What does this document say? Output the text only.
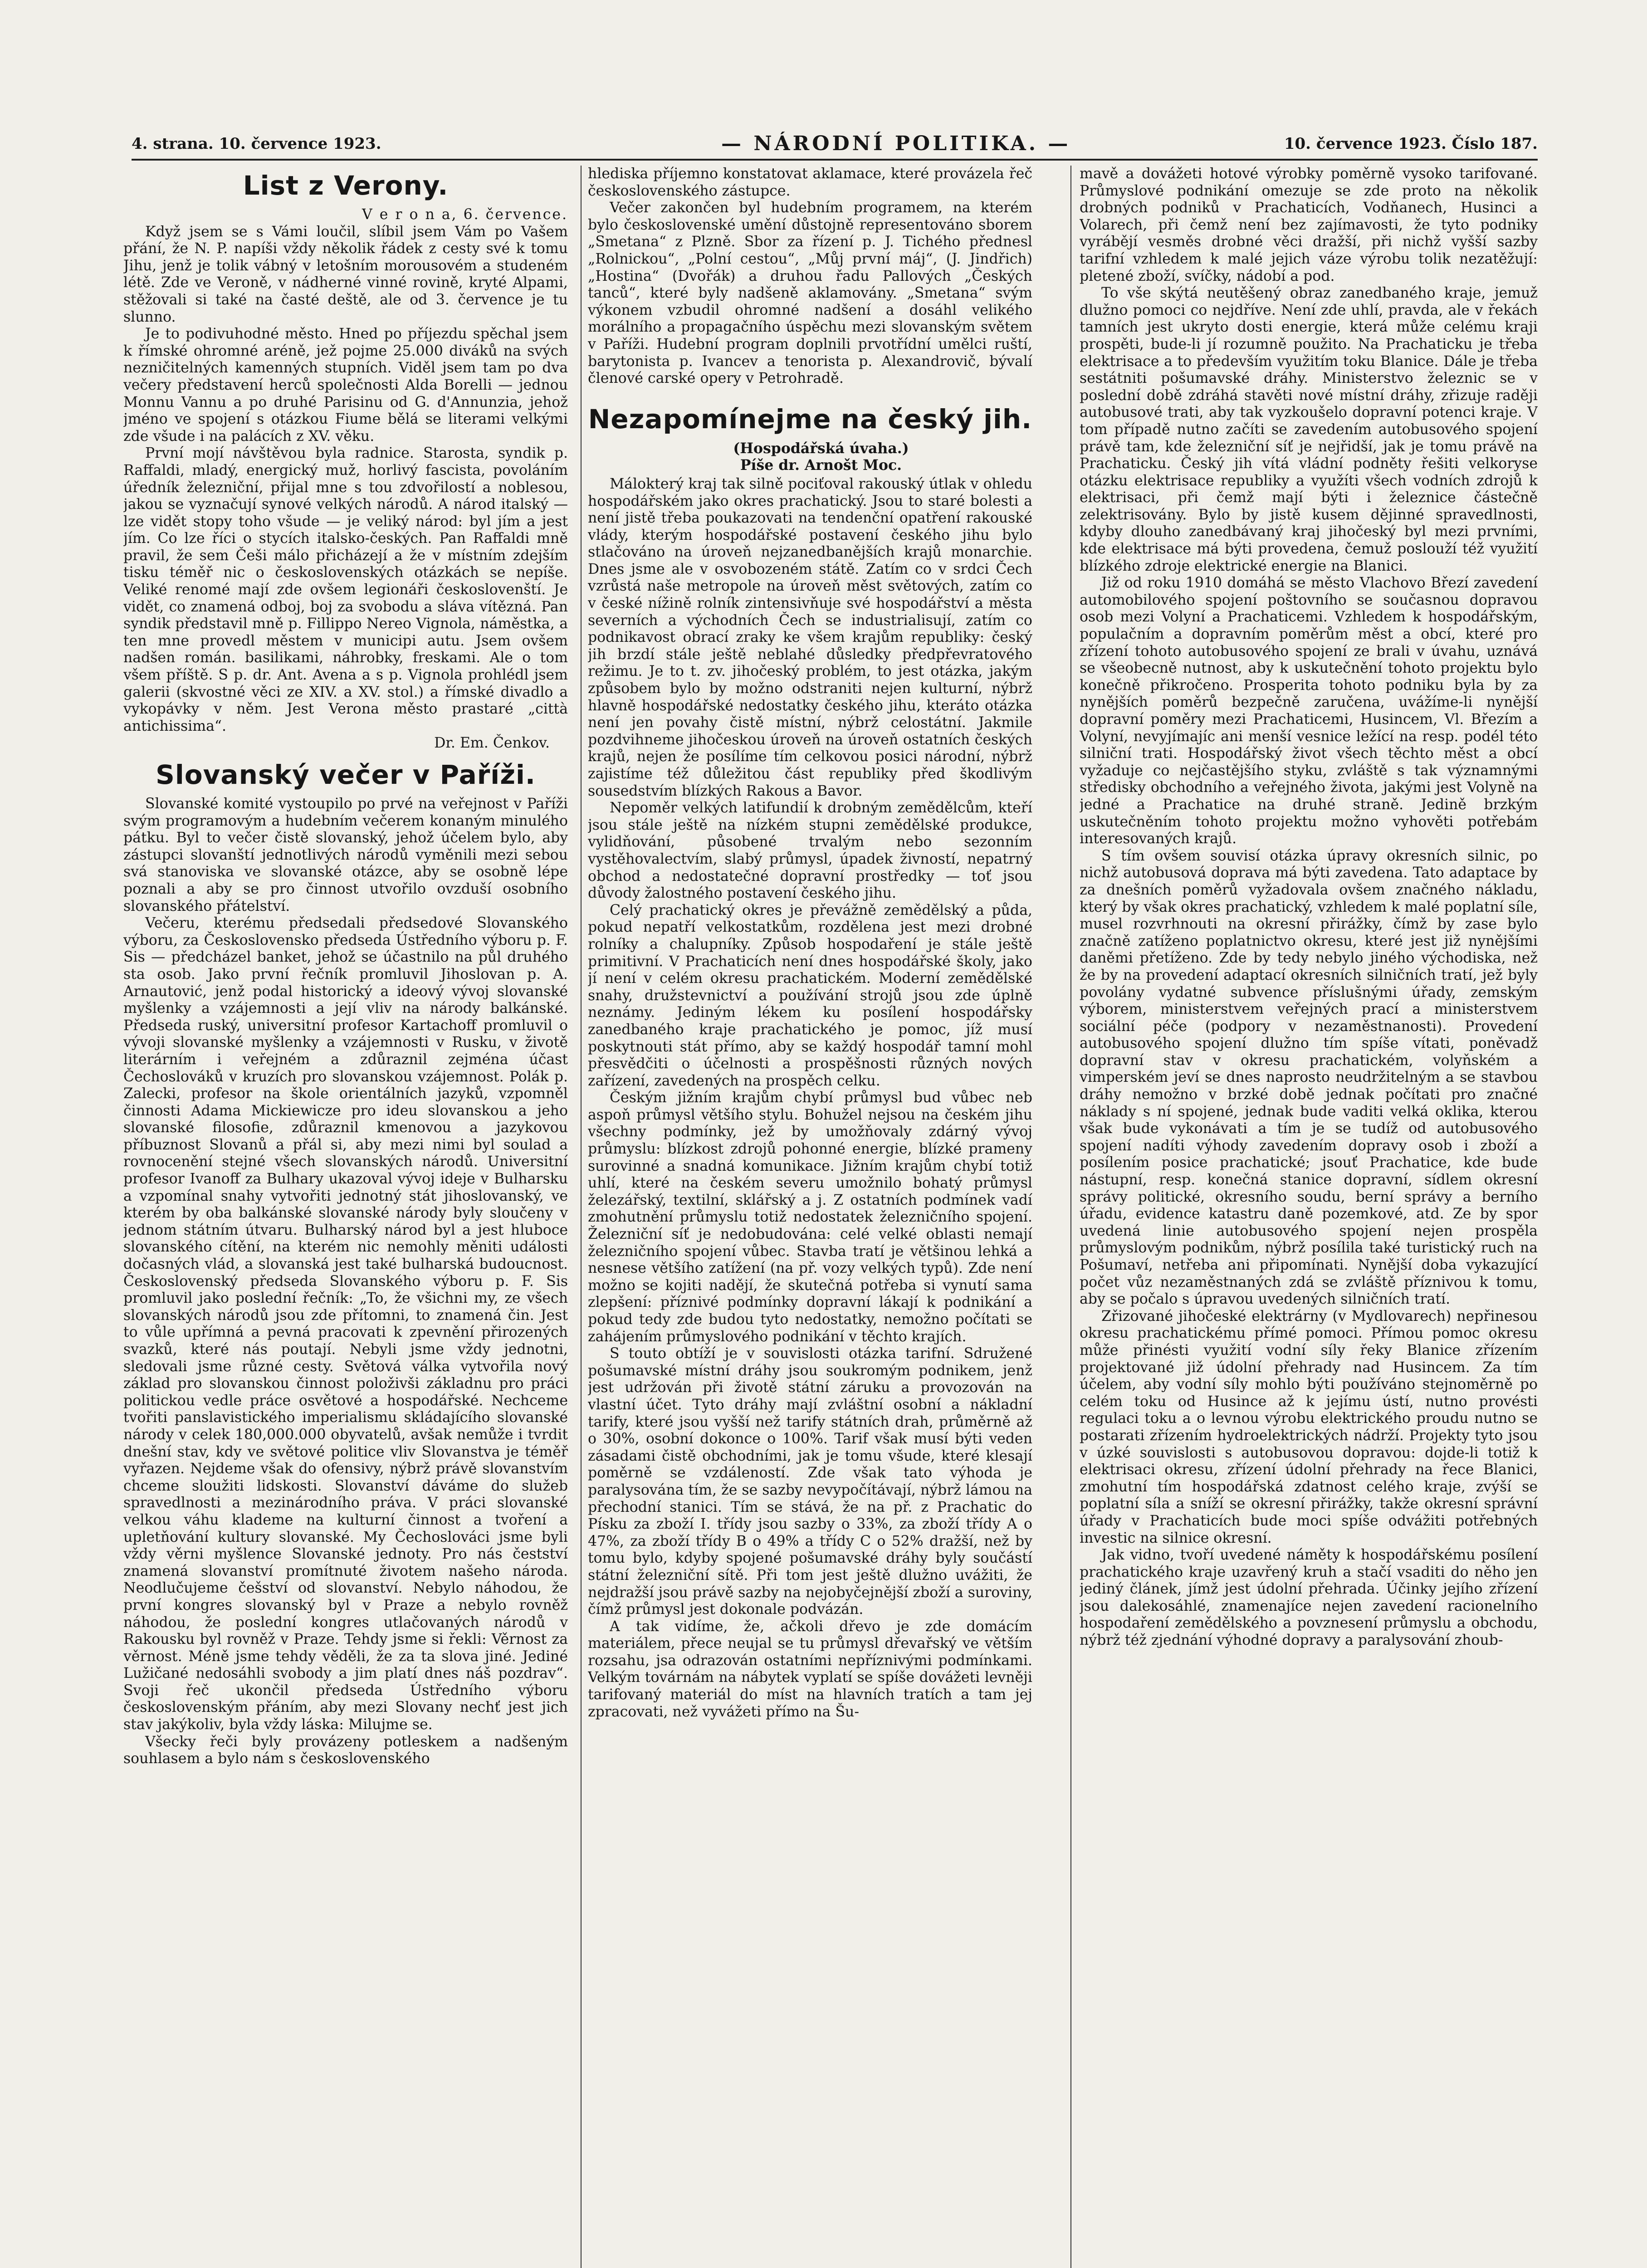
4. strana. 10. července 1923.	— NÁRODNÍ POLITIKA. —	10. července 1923. Číslo 187.
List z Verony.

V e r o n a, 6. července.

Když jsem se s Vámi loučil, slíbil jsem Vám po Vašem přání, že N. P. napíši vždy několik řádek z cesty své k tomu Jihu, jenž je tolik vábný v letošním morousovém a studeném létě. Zde ve Veroně, v nádherné vinné rovině, kryté Alpami, stěžovali si také na časté deště, ale od 3. července je tu slunno.

Je to podivuhodné město. Hned po příjezdu spěchal jsem k římské ohromné aréně, jež pojme 25.000 diváků na svých nezničitelných kamenných stupních. Viděl jsem tam po dva večery představení herců společnosti Alda Borelli — jednou Monnu Vannu a po druhé Parisinu od G. d'Annunzia, jehož jméno ve spojení s otázkou Fiume bělá se literami velkými zde všude i na palácích z XV. věku.

První mojí návštěvou byla radnice. Starosta, syndik p. Raffaldi, mladý, energický muž, horlivý fascista, povoláním úředník železniční, přijal mne s tou zdvořilostí a noblesou, jakou se vyznačují synové velkých národů. A národ italský — lze vidět stopy toho všude — je veliký národ: byl jím a jest jím. Co lze říci o stycích italsko-českých. Pan Raffaldi mně pravil, že sem Češi málo přicházejí a že v místním zdejším tisku téměř nic o československých otázkách se nepíše. Veliké renomé mají zde ovšem legionáři českoslovenští. Je vidět, co znamená odboj, boj za svobodu a sláva vítězná. Pan syndik představil mně p. Fillippo Nereo Vignola, náměstka, a ten mne provedl městem v municipi autu. Jsem ovšem nadšen román. basilikami, náhrobky, freskami. Ale o tom všem příště. S p. dr. Ant. Avena a s p. Vignola prohlédl jsem galerii (skvostné věci ze XIV. a XV. stol.) a římské divadlo a vykopávky v něm. Jest Verona město prastaré „città antichissima“.

Dr. Em. Čenkov.

Slovanský večer v Paříži.

Slovanské komité vystoupilo po prvé na veřejnost v Paříži svým programovým a hudebním večerem konaným minulého pátku. Byl to večer čistě slovanský, jehož účelem bylo, aby zástupci slovanští jednotlivých národů vyměnili mezi sebou svá stanoviska ve slovanské otázce, aby se osobně lépe poznali a aby se pro činnost utvořilo ovzduší osobního slovanského přátelství.

Večeru, kterému předsedali předsedové Slovanského výboru, za Československo předseda Ústředního výboru p. F. Sis — předcházel banket, jehož se účastnilo na půl druhého sta osob. Jako první řečník promluvil Jihoslovan p. A. Arnautović, jenž podal historický a ideový vývoj slovanské myšlenky a vzájemnosti a její vliv na národy balkánské. Předseda ruský, universitní profesor Kartachoff promluvil o vývoji slovanské myšlenky a vzájemnosti v Rusku, v životě literárním i veřejném a zdůraznil zejména účast Čechoslováků v kruzích pro slovanskou vzájemnost. Polák p. Zalecki, profesor na škole orientálních jazyků, vzpomněl činnosti Adama Mickiewicze pro ideu slovanskou a jeho slovanské filosofie, zdůraznil kmenovou a jazykovou příbuznost Slovanů a přál si, aby mezi nimi byl soulad a rovnocenění stejné všech slovanských národů. Universitní profesor Ivanoff za Bulhary ukazoval vývoj ideje v Bulharsku a vzpomínal snahy vytvořiti jednotný stát jihoslovanský, ve kterém by oba balkánské slovanské národy byly sloučeny v jednom státním útvaru. Bulharský národ byl a jest hluboce slovanského cítění, na kterém nic nemohly měniti události dočasných vlád, a slovanská jest také bulharská budoucnost. Československý předseda Slovanského výboru p. F. Sis promluvil jako poslední řečník: „To, že všichni my, ze všech slovanských národů jsou zde přítomni, to znamená čin. Jest to vůle upřímná a pevná pracovati k zpevnění přirozených svazků, které nás poutají. Nebyli jsme vždy jednotni, sledovali jsme různé cesty. Světová válka vytvořila nový základ pro slovanskou činnost položivši základnu pro práci politickou vedle práce osvětové a hospodářské. Nechceme tvořiti panslavistického imperialismu skládajícího slovanské národy v celek 180,000.000 obyvatelů, avšak nemůže i tvrdit dnešní stav, kdy ve světové politice vliv Slovanstva je téměř vyřazen. Nejdeme však do ofensivy, nýbrž právě slovanstvím chceme sloužiti lidskosti. Slovanství dáváme do služeb spravedlnosti a mezinárodního práva. V práci slovanské velkou váhu klademe na kulturní činnost a tvoření a upletňování kultury slovanské. My Čechoslováci jsme byli vždy věrni myšlence Slovanské jednoty. Pro nás čestství znamená slovanství promítnuté životem našeho národa. Neodlučujeme češství od slovanství. Nebylo náhodou, že první kongres slovanský byl v Praze a nebylo rovněž náhodou, že poslední kongres utlačovaných národů v Rakousku byl rovněž v Praze. Tehdy jsme si řekli: Věrnost za věrnost. Méně jsme tehdy věděli, že za ta slova jiné. Jediné Lužičané nedosáhli svobody a jim platí dnes náš pozdrav“. Svoji řeč ukončil předseda Ústředního výboru československým přáním, aby mezi Slovany nechť jest jich stav jakýkoliv, byla vždy láska: Milujme se.

Všecky řeči byly provázeny potleskem a nadšeným souhlasem a bylo nám s československého

hlediska příjemno konstatovat aklamace, které provázela řeč československého zástupce.

Večer zakončen byl hudebním programem, na kterém bylo československé umění důstojně representováno sborem „Smetana“ z Plzně. Sbor za řízení p. J. Tichého přednesl „Rolnickou“, „Polní cestou“, „Můj první máj“, (J. Jindřich) „Hostina“ (Dvořák) a druhou řadu Pallových „Českých tanců“, které byly nadšeně aklamovány. „Smetana“ svým výkonem vzbudil ohromné nadšení a dosáhl velikého morálního a propagačního úspěchu mezi slovanským světem v Paříži. Hudební program doplnili prvotřídní umělci ruští, barytonista p. Ivancev a tenorista p. Alexandrovič, bývalí členové carské opery v Petrohradě.

Nezapomínejme na český jih.

(Hospodářská úvaha.)

Píše dr. Arnošt Moc.

Málokterý kraj tak silně pociťoval rakouský útlak v ohledu hospodářském jako okres prachatický. Jsou to staré bolesti a není jistě třeba poukazovati na tendenční opatření rakouské vlády, kterým hospodářské postavení českého jihu bylo stlačováno na úroveň nejzanedbanějších krajů monarchie. Dnes jsme ale v osvobozeném státě. Zatím co v srdci Čech vzrůstá naše metropole na úroveň měst světových, zatím co v české nížině rolník zintensivňuje své hospodářství a města severních a východních Čech se industrialisují, zatím co podnikavost obrací zraky ke všem krajům republiky: český jih brzdí stále ještě neblahé důsledky předpřevratového režimu. Je to t. zv. jihočeský problém, to jest otázka, jakým způsobem bylo by možno odstraniti nejen kulturní, nýbrž hlavně hospodářské nedostatky českého jihu, kteráto otázka není jen povahy čistě místní, nýbrž celostátní. Jakmile pozdvihneme jihočeskou úroveň na úroveň ostatních českých krajů, nejen že posílíme tím celkovou posici národní, nýbrž zajistíme též důležitou část republiky před škodlivým sousedstvím blízkých Rakous a Bavor.

Nepoměr velkých latifundií k drobným zemědělcům, kteří jsou stále ještě na nízkém stupni zemědělské produkce, vylidňování, působené trvalým nebo sezonním vystěhovalectvím, slabý průmysl, úpadek živností, nepatrný obchod a nedostatečné dopravní prostředky — toť jsou důvody žalostného postavení českého jihu.

Celý prachatický okres je převážně zemědělský a půda, pokud nepatří velkostatkům, rozdělena jest mezi drobné rolníky a chalupníky. Způsob hospodaření je stále ještě primitivní. V Prachaticích není dnes hospodářské školy, jako jí není v celém okresu prachatickém. Moderní zemědělské snahy, družstevnictví a používání strojů jsou zde úplně neznámy. Jediným lékem ku posílení hospodářsky zanedbaného kraje prachatického je pomoc, jíž musí poskytnouti stát přímo, aby se každý hospodář tamní mohl přesvědčiti o účelnosti a prospěšnosti různých nových zařízení, zavedených na prospěch celku.

Českým jižním krajům chybí průmysl bud vůbec neb aspoň průmysl většího stylu. Bohužel nejsou na českém jihu všechny podmínky, jež by umožňovaly zdárný vývoj průmyslu: blízkost zdrojů pohonné energie, blízké prameny surovinné a snadná komunikace. Jižním krajům chybí totiž uhlí, které na českém severu umožnilo bohatý průmysl železářský, textilní, sklářský a j. Z ostatních podmínek vadí zmohutnění průmyslu totiž nedostatek železničního spojení. Železniční síť je nedobudována: celé velké oblasti nemají železničního spojení vůbec. Stavba tratí je většinou lehká a nesnese většího zatížení (na př. vozy velkých typů). Zde není možno se kojiti nadějí, že skutečná potřeba si vynutí sama zlepšení: příznivé podmínky dopravní lákají k podnikání a pokud tedy zde budou tyto nedostatky, nemožno počítati se zahájením průmyslového podnikání v těchto krajích.

S touto obtíží je v souvislosti otázka tarifní. Sdružené pošumavské místní dráhy jsou soukromým podnikem, jenž jest udržován při životě státní záruku a provozován na vlastní účet. Tyto dráhy mají zvláštní osobní a nákladní tarify, které jsou vyšší než tarify státních drah, průměrně až o 30%, osobní dokonce o 100%. Tarif však musí býti veden zásadami čistě obchodními, jak je tomu všude, které klesají poměrně se vzdáleností. Zde však tato výhoda je paralysována tím, že se sazby nevypočítávají, nýbrž lámou na přechodní stanici. Tím se stává, že na př. z Prachatic do Písku za zboží I. třídy jsou sazby o 33%, za zboží třídy A o 47%, za zboží třídy B o 49% a třídy C o 52% dražší, než by tomu bylo, kdyby spojené pošumavské dráhy byly součástí státní železniční sítě. Při tom jest ještě dlužno uvážiti, že nejdražší jsou právě sazby na nejobyčejnější zboží a suroviny, čímž průmysl jest dokonale podvázán.

A tak vidíme, že, ačkoli dřevo je zde domácím materiálem, přece neujal se tu průmysl dřevařský ve větším rozsahu, jsa odrazován ostatními nepříznivými podmínkami. Velkým továrnám na nábytek vyplatí se spíše dovážeti levněji tarifovaný materiál do míst na hlavních tratích a tam jej zpracovati, než vyvážeti přímo na Šu-

mavě a dovážeti hotové výrobky poměrně vysoko tarifované. Průmyslové podnikání omezuje se zde proto na několik drobných podniků v Prachaticích, Vodňanech, Husinci a Volarech, při čemž není bez zajímavosti, že tyto podniky vyrábějí vesměs drobné věci dražší, při nichž vyšší sazby tarifní vzhledem k malé jejich váze výrobu tolik nezatěžují: pletené zboží, svíčky, nádobí a pod.

To vše skýtá neutěšený obraz zanedbaného kraje, jemuž dlužno pomoci co nejdříve. Není zde uhlí, pravda, ale v řekách tamních jest ukryto dosti energie, která může celému kraji prospěti, bude-li jí rozumně použito. Na Prachaticku je třeba elektrisace a to především využitím toku Blanice. Dále je třeba sestátniti pošumavské dráhy. Ministerstvo železnic se v poslední době zdráhá stavěti nové místní dráhy, zřizuje raději autobusové trati, aby tak vyzkoušelo dopravní potenci kraje. V tom případě nutno začíti se zavedením autobusového spojení právě tam, kde železniční síť je nejřidší, jak je tomu právě na Prachaticku. Český jih vítá vládní podněty řešiti velkoryse otázku elektrisace republiky a využíti všech vodních zdrojů k elektrisaci, při čemž mají býti i železnice částečně zelektrisovány. Bylo by jistě kusem dějinné spravedlnosti, kdyby dlouho zanedbávaný kraj jihočeský byl mezi prvními, kde elektrisace má býti provedena, čemuž poslouží též využití blízkého zdroje elektrické energie na Blanici.

Již od roku 1910 domáhá se město Vlachovo Březí zavedení automobilového spojení poštovního se současnou dopravou osob mezi Volyní a Prachaticemi. Vzhledem k hospodářským, populačním a dopravním poměrům měst a obcí, které pro zřízení tohoto autobusového spojení ze brali v úvahu, uznává se všeobecně nutnost, aby k uskutečnění tohoto projektu bylo konečně přikročeno. Prosperita tohoto podniku byla by za nynějších poměrů bezpečně zaručena, uvážíme-li nynější dopravní poměry mezi Prachaticemi, Husincem, Vl. Březím a Volyní, nevyjímajíc ani menší vesnice ležící na resp. podél této silniční trati. Hospodářský život všech těchto měst a obcí vyžaduje co nejčastějšího styku, zvláště s tak významnými středisky obchodního a veřejného života, jakými jest Volyně na jedné a Prachatice na druhé straně. Jedině brzkým uskutečněním tohoto projektu možno vyhověti potřebám interesovaných krajů.

S tím ovšem souvisí otázka úpravy okresních silnic, po nichž autobusová doprava má býti zavedena. Tato adaptace by za dnešních poměrů vyžadovala ovšem značného nákladu, který by však okres prachatický, vzhledem k malé poplatní síle, musel rozvrhnouti na okresní přirážky, čímž by zase bylo značně zatíženo poplatnictvo okresu, které jest již nynějšími daněmi přetíženo. Zde by tedy nebylo jiného východiska, než že by na provedení adaptací okresních silničních tratí, jež byly povolány vydatné subvence příslušnými úřady, zemským výborem, ministerstvem veřejných prací a ministerstvem sociální péče (podpory v nezaměstnanosti). Provedení autobusového spojení dlužno tím spíše vítati, poněvadž dopravní stav v okresu prachatickém, volyňském a vimperském jeví se dnes naprosto neudržitelným a se stavbou dráhy nemožno v brzké době jednak počítati pro značné náklady s ní spojené, jednak bude vaditi velká oklika, kterou však bude vykonávati a tím je se tudíž od autobusového spojení nadíti výhody zavedením dopravy osob i zboží a posílením posice prachatické; jsouť Prachatice, kde bude nástupní, resp. konečná stanice dopravní, sídlem okresní správy politické, okresního soudu, berní správy a berního úřadu, evidence katastru daně pozemkové, atd. Ze by spor uvedená linie autobusového spojení nejen prospěla průmyslovým podnikům, nýbrž posílila také turistický ruch na Pošumaví, netřeba ani připomínati. Nynější doba vykazující počet vůz nezaměstnaných zdá se zvláště příznivou k tomu, aby se počalo s úpravou uvedených silničních tratí.

Zřizované jihočeské elektrárny (v Mydlovarech) nepřinesou okresu prachatickému přímé pomoci. Přímou pomoc okresu může přinésti využití vodní síly řeky Blanice zřízením projektované již údolní přehrady nad Husincem. Za tím účelem, aby vodní síly mohlo býti používáno stejnoměrně po celém toku od Husince až k jejímu ústí, nutno provésti regulaci toku a o levnou výrobu elektrického proudu nutno se postarati zřízením hydroelektrických nádrží. Projekty tyto jsou v úzké souvislosti s autobusovou dopravou: dojde-li totiž k elektrisaci okresu, zřízení údolní přehrady na řece Blanici, zmohutní tím hospodářská zdatnost celého kraje, zvýší se poplatní síla a sníží se okresní přirážky, takže okresní správní úřady v Prachaticích bude moci spíše odvážiti potřebných investic na silnice okresní.

Jak vidno, tvoří uvedené náměty k hospodářskému posílení prachatického kraje uzavřený kruh a stačí vsaditi do něho jen jediný článek, jímž jest údolní přehrada. Účinky jejího zřízení jsou dalekosáhlé, znamenajíce nejen zavedení racionelního hospodaření zemědělského a povznesení průmyslu a obchodu, nýbrž též zjednání výhodné dopravy a paralysování zhoub-
